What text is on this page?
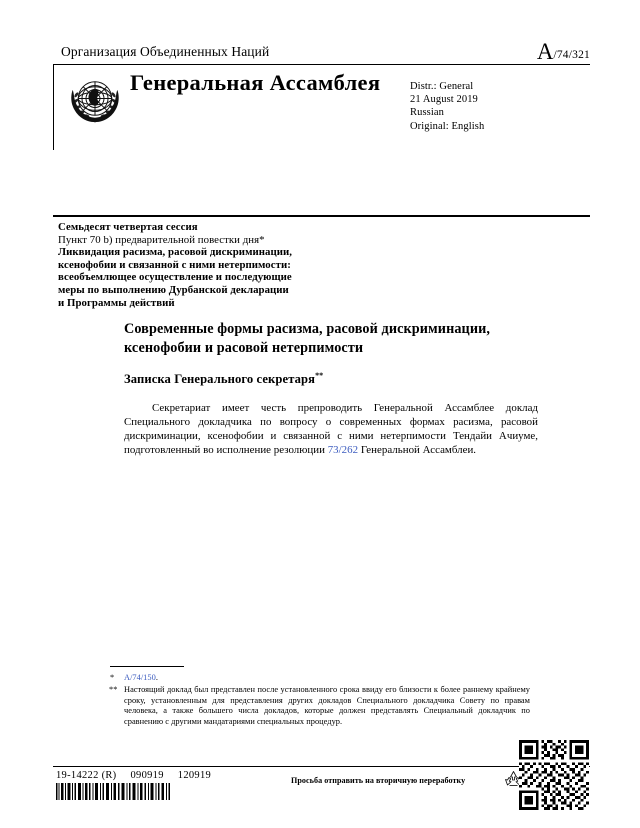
Организация Объединенных Наций	A/74/321
Генеральная Ассамблея	Distr.: General
21 August 2019
Russian
Original: English
Семьдесят четвертая сессия
Пункт 70 b) предварительной повестки дня*
Ликвидация расизма, расовой дискриминации,
ксенофобии и связанной с ними нетерпимости:
всеобъемлющее осуществление и последующие
меры по выполнению Дурбанской декларации
и Программы действий
Современные формы расизма, расовой дискриминации,
ксенофобии и расовой нетерпимости
Записка Генерального секретаря**
Секретариат имеет честь препроводить Генеральной Ассамблее доклад Специального докладчика по вопросу о современных формах расизма, расовой дискриминации, ксенофобии и связанной с ними нетерпимости Тендайи Ачиуме, подготовленный во исполнение резолюции 73/262 Генеральной Ассамблеи.
*	A/74/150.
** Настоящий доклад был представлен после установленного срока ввиду его близости к более раннему крайнему сроку, установленным для представления других докладов Специального докладчика Совету по правам человека, а также большего числа докладов, которые должен представлять Специальный докладчик по сравнению с другими мандатариями специальных процедур.
19-14222 (R) 090919 120919	Просьба отправить на вторичную переработку
